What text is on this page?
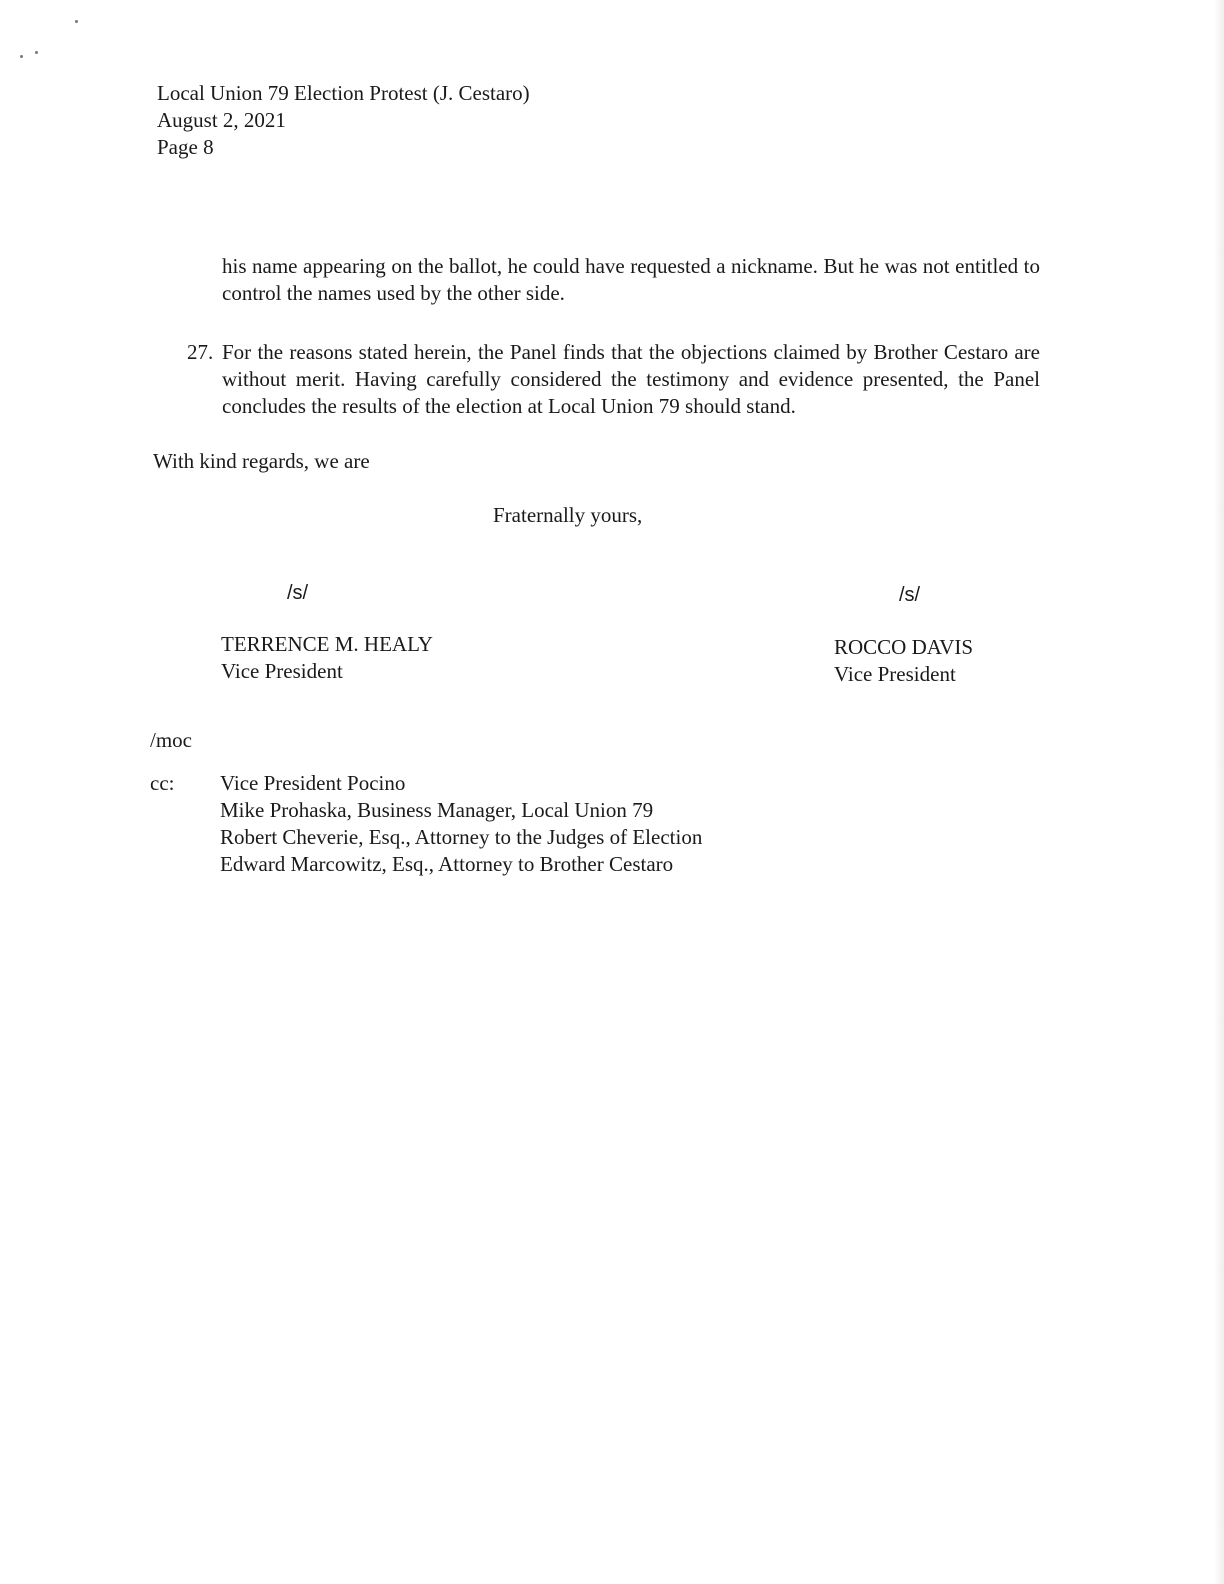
Local Union 79 Election Protest (J. Cestaro)
August 2, 2021
Page 8
his name appearing on the ballot, he could have requested a nickname. But he was not entitled to control the names used by the other side.
27. For the reasons stated herein, the Panel finds that the objections claimed by Brother Cestaro are without merit. Having carefully considered the testimony and evidence presented, the Panel concludes the results of the election at Local Union 79 should stand.
With kind regards, we are
Fraternally yours,
/s/	/s/
TERRENCE M. HEALY
Vice President
ROCCO DAVIS
Vice President
/moc
cc: Vice President Pocino
Mike Prohaska, Business Manager, Local Union 79
Robert Cheverie, Esq., Attorney to the Judges of Election
Edward Marcowitz, Esq., Attorney to Brother Cestaro
